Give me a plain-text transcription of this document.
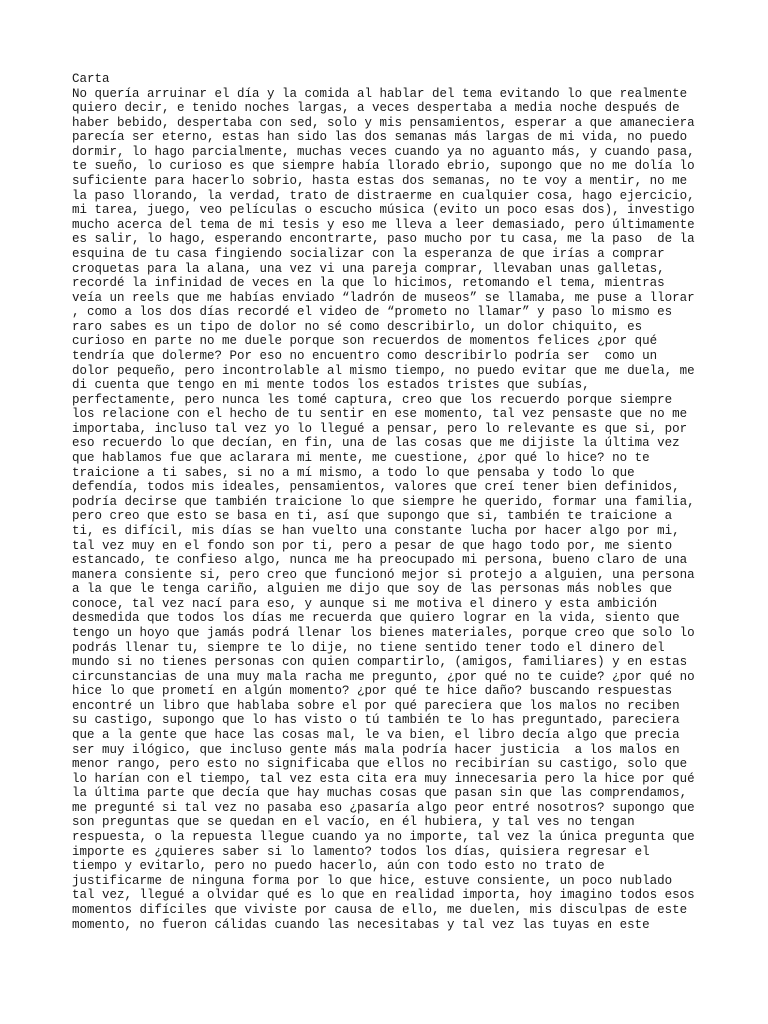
Carta
No quería arruinar el día y la comida al hablar del tema evitando lo que realmente
quiero decir, e tenido noches largas, a veces despertaba a media noche después de
haber bebido, despertaba con sed, solo y mis pensamientos, esperar a que amaneciera
parecía ser eterno, estas han sido las dos semanas más largas de mi vida, no puedo
dormir, lo hago parcialmente, muchas veces cuando ya no aguanto más, y cuando pasa,
te sueño, lo curioso es que siempre había llorado ebrio, supongo que no me dolía lo
suficiente para hacerlo sobrio, hasta estas dos semanas, no te voy a mentir, no me
la paso llorando, la verdad, trato de distraerme en cualquier cosa, hago ejercicio,
mi tarea, juego, veo películas o escucho música (evito un poco esas dos), investigo
mucho acerca del tema de mi tesis y eso me lleva a leer demasiado, pero últimamente
es salir, lo hago, esperando encontrarte, paso mucho por tu casa, me la paso  de la
esquina de tu casa fingiendo socializar con la esperanza de que irías a comprar
croquetas para la alana, una vez vi una pareja comprar, llevaban unas galletas,
recordé la infinidad de veces en la que lo hicimos, retomando el tema, mientras
veía un reels que me habías enviado “ladrón de museos” se llamaba, me puse a llorar
, como a los dos días recordé el video de “prometo no llamar” y paso lo mismo es
raro sabes es un tipo de dolor no sé como describirlo, un dolor chiquito, es
curioso en parte no me duele porque son recuerdos de momentos felices ¿por qué
tendría que dolerme? Por eso no encuentro como describirlo podría ser  como un
dolor pequeño, pero incontrolable al mismo tiempo, no puedo evitar que me duela, me
di cuenta que tengo en mi mente todos los estados tristes que subías,
perfectamente, pero nunca les tomé captura, creo que los recuerdo porque siempre
los relacione con el hecho de tu sentir en ese momento, tal vez pensaste que no me
importaba, incluso tal vez yo lo llegué a pensar, pero lo relevante es que si, por
eso recuerdo lo que decían, en fin, una de las cosas que me dijiste la última vez
que hablamos fue que aclarara mi mente, me cuestione, ¿por qué lo hice? no te
traicione a ti sabes, si no a mí mismo, a todo lo que pensaba y todo lo que
defendía, todos mis ideales, pensamientos, valores que creí tener bien definidos,
podría decirse que también traicione lo que siempre he querido, formar una familia,
pero creo que esto se basa en ti, así que supongo que si, también te traicione a
ti, es difícil, mis días se han vuelto una constante lucha por hacer algo por mi,
tal vez muy en el fondo son por ti, pero a pesar de que hago todo por, me siento
estancado, te confieso algo, nunca me ha preocupado mi persona, bueno claro de una
manera consiente si, pero creo que funcionó mejor si protejo a alguien, una persona
a la que le tenga cariño, alguien me dijo que soy de las personas más nobles que
conoce, tal vez nací para eso, y aunque si me motiva el dinero y esta ambición
desmedida que todos los días me recuerda que quiero lograr en la vida, siento que
tengo un hoyo que jamás podrá llenar los bienes materiales, porque creo que solo lo
podrás llenar tu, siempre te lo dije, no tiene sentido tener todo el dinero del
mundo si no tienes personas con quien compartirlo, (amigos, familiares) y en estas
circunstancias de una muy mala racha me pregunto, ¿por qué no te cuide? ¿por qué no
hice lo que prometí en algún momento? ¿por qué te hice daño? buscando respuestas
encontré un libro que hablaba sobre el por qué pareciera que los malos no reciben
su castigo, supongo que lo has visto o tú también te lo has preguntado, pareciera
que a la gente que hace las cosas mal, le va bien, el libro decía algo que precia
ser muy ilógico, que incluso gente más mala podría hacer justicia  a los malos en
menor rango, pero esto no significaba que ellos no recibirían su castigo, solo que
lo harían con el tiempo, tal vez esta cita era muy innecesaria pero la hice por qué
la última parte que decía que hay muchas cosas que pasan sin que las comprendamos,
me pregunté si tal vez no pasaba eso ¿pasaría algo peor entré nosotros? supongo que
son preguntas que se quedan en el vacío, en él hubiera, y tal ves no tengan
respuesta, o la repuesta llegue cuando ya no importe, tal vez la única pregunta que
importe es ¿quieres saber si lo lamento? todos los días, quisiera regresar el
tiempo y evitarlo, pero no puedo hacerlo, aún con todo esto no trato de
justificarme de ninguna forma por lo que hice, estuve consiente, un poco nublado
tal vez, llegué a olvidar qué es lo que en realidad importa, hoy imagino todos esos
momentos difíciles que viviste por causa de ello, me duelen, mis disculpas de este
momento, no fueron cálidas cuando las necesitabas y tal vez las tuyas en este
